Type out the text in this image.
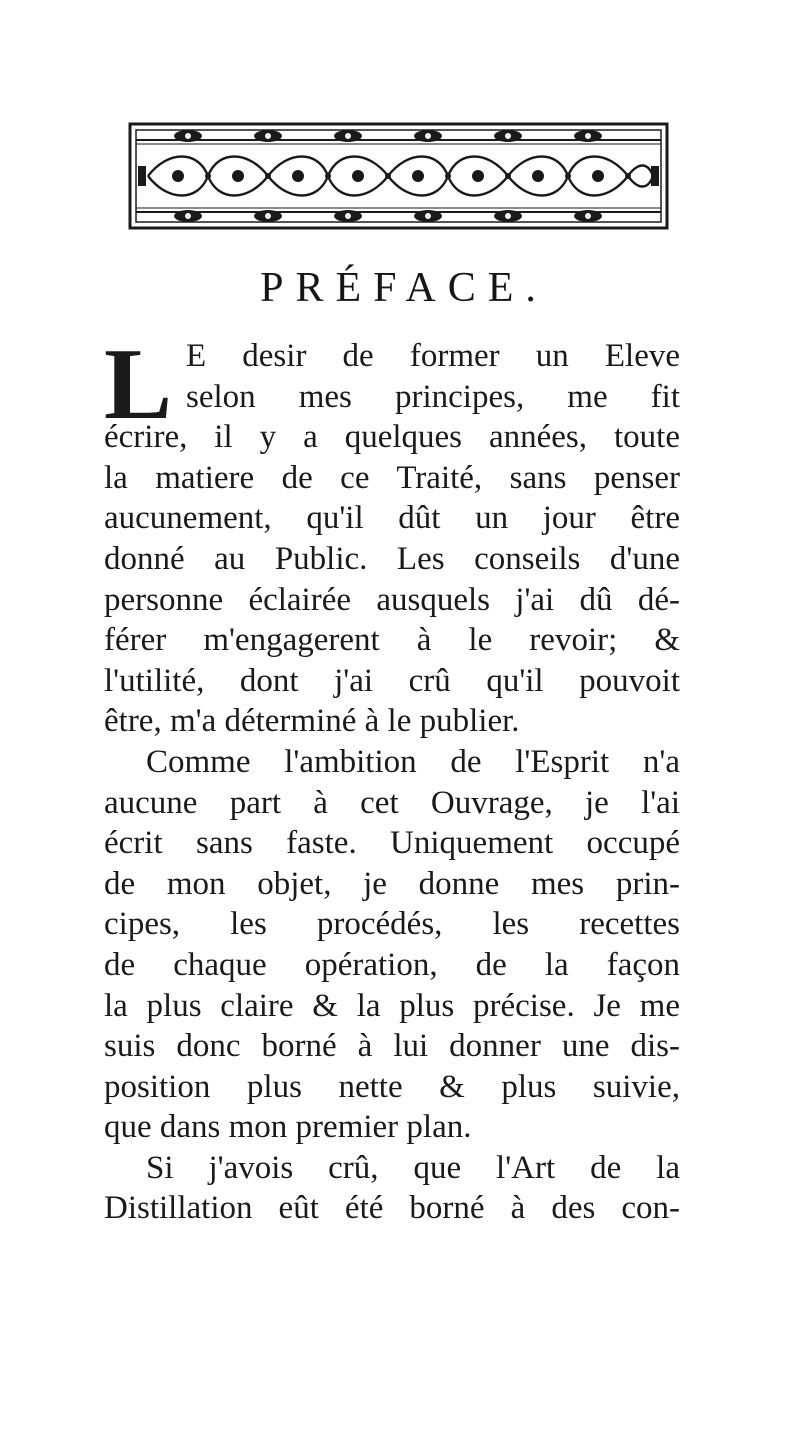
PRÉFACE.
L E desir de former un Eleve
selon mes principes, me fit
écrire, il y a quelques années, toute
la matiere de ce Traité, sans penser
aucunement, qu'il dût un jour être
donné au Public. Les conseils d'une
personne éclairée ausquels j'ai dû dé-
férer m'engagerent à le revoir; &
l'utilité, dont j'ai crû qu'il pouvoit
être, m'a déterminé à le publier.
Comme l'ambition de l'Esprit n'a
aucune part à cet Ouvrage, je l'ai
écrit sans faste. Uniquement occupé
de mon objet, je donne mes prin-
cipes, les procédés, les recettes
de chaque opération, de la façon
la plus claire & la plus précise. Je me
suis donc borné à lui donner une dis-
position plus nette & plus suivie,
que dans mon premier plan.
Si j'avois crû, que l'Art de la
Distillation eût été borné à des con-
